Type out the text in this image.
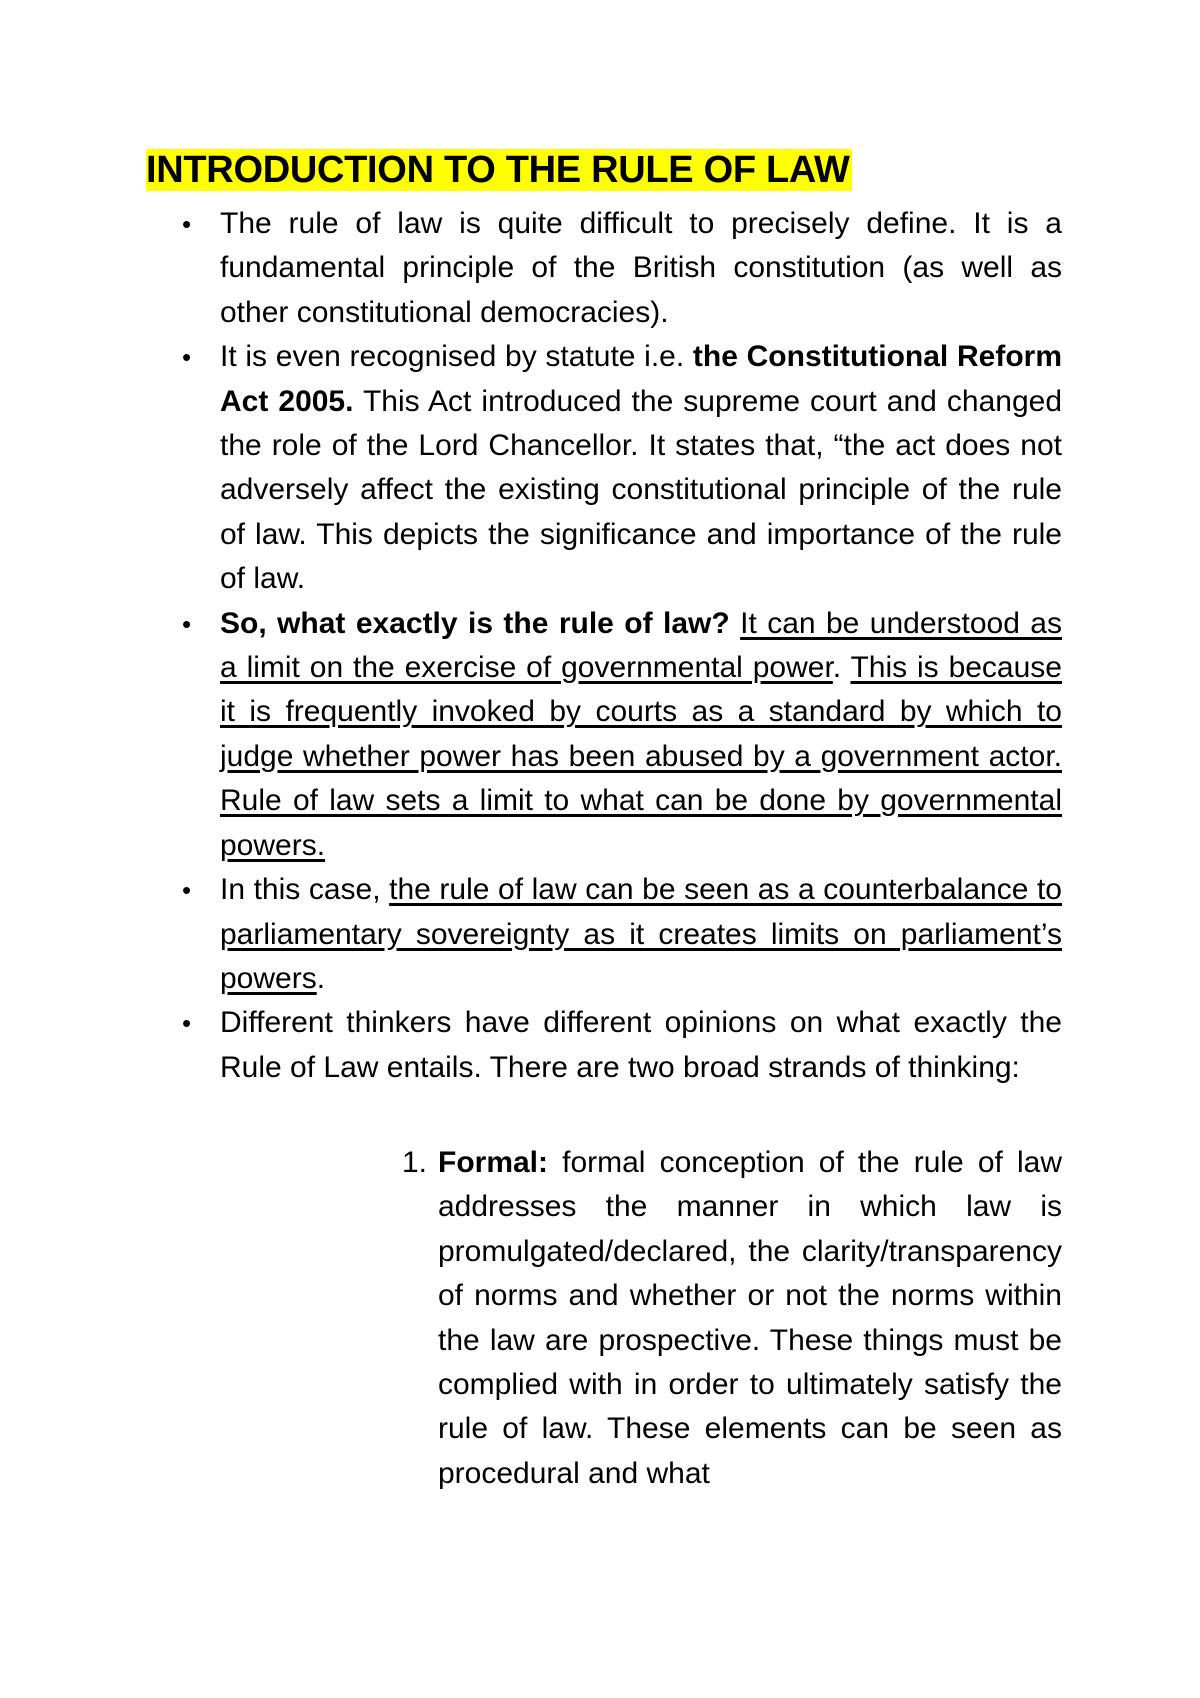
INTRODUCTION TO THE RULE OF LAW
• The rule of law is quite difficult to precisely define. It is a fundamental principle of the British constitution (as well as other constitutional democracies).
• It is even recognised by statute i.e. the Constitutional Reform Act 2005. This Act introduced the supreme court and changed the role of the Lord Chancellor. It states that, “the act does not adversely affect the existing constitutional principle of the rule of law. This depicts the significance and importance of the rule of law.
• So, what exactly is the rule of law? It can be understood as a limit on the exercise of governmental power. This is because it is frequently invoked by courts as a standard by which to judge whether power has been abused by a government actor. Rule of law sets a limit to what can be done by governmental powers.
• In this case, the rule of law can be seen as a counterbalance to parliamentary sovereignty as it creates limits on parliament’s powers.
• Different thinkers have different opinions on what exactly the Rule of Law entails. There are two broad strands of thinking:
1. Formal: formal conception of the rule of law addresses the manner in which law is promulgated/declared, the clarity/transparency of norms and whether or not the norms within the law are prospective. These things must be complied with in order to ultimately satisfy the rule of law. These elements can be seen as procedural and what
